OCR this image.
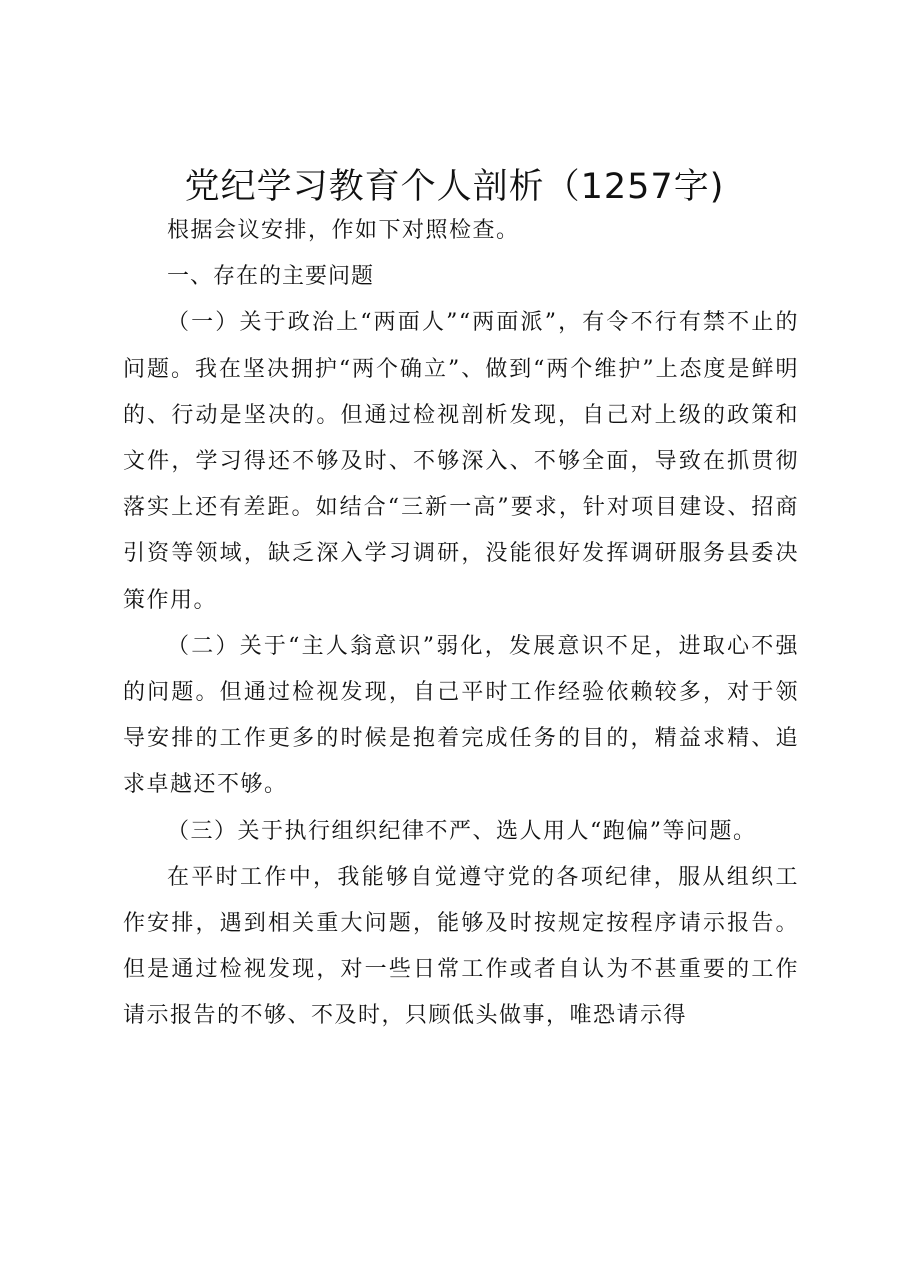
党纪学习教育个人剖析（1257字)

根据会议安排，作如下对照检查。

一、存在的主要问题

（一）关于政治上“两面人”“两面派”，有令不行有禁不止的问题。我在坚决拥护“两个确立”、做到“两个维护”上态度是鲜明的、行动是坚决的。但通过检视剖析发现，自己对上级的政策和文件，学习得还不够及时、不够深入、不够全面，导致在抓贯彻落实上还有差距。如结合“三新一高”要求，针对项目建设、招商引资等领域，缺乏深入学习调研，没能很好发挥调研服务县委决策作用。

（二）关于“主人翁意识”弱化，发展意识不足，进取心不强的问题。但通过检视发现，自己平时工作经验依赖较多，对于领导安排的工作更多的时候是抱着完成任务的目的，精益求精、追求卓越还不够。

（三）关于执行组织纪律不严、选人用人“跑偏”等问题。

在平时工作中，我能够自觉遵守党的各项纪律，服从组织工作安排，遇到相关重大问题，能够及时按规定按程序请示报告。但是通过检视发现，对一些日常工作或者自认为不甚重要的工作请示报告的不够、不及时，只顾低头做事，唯恐请示得
